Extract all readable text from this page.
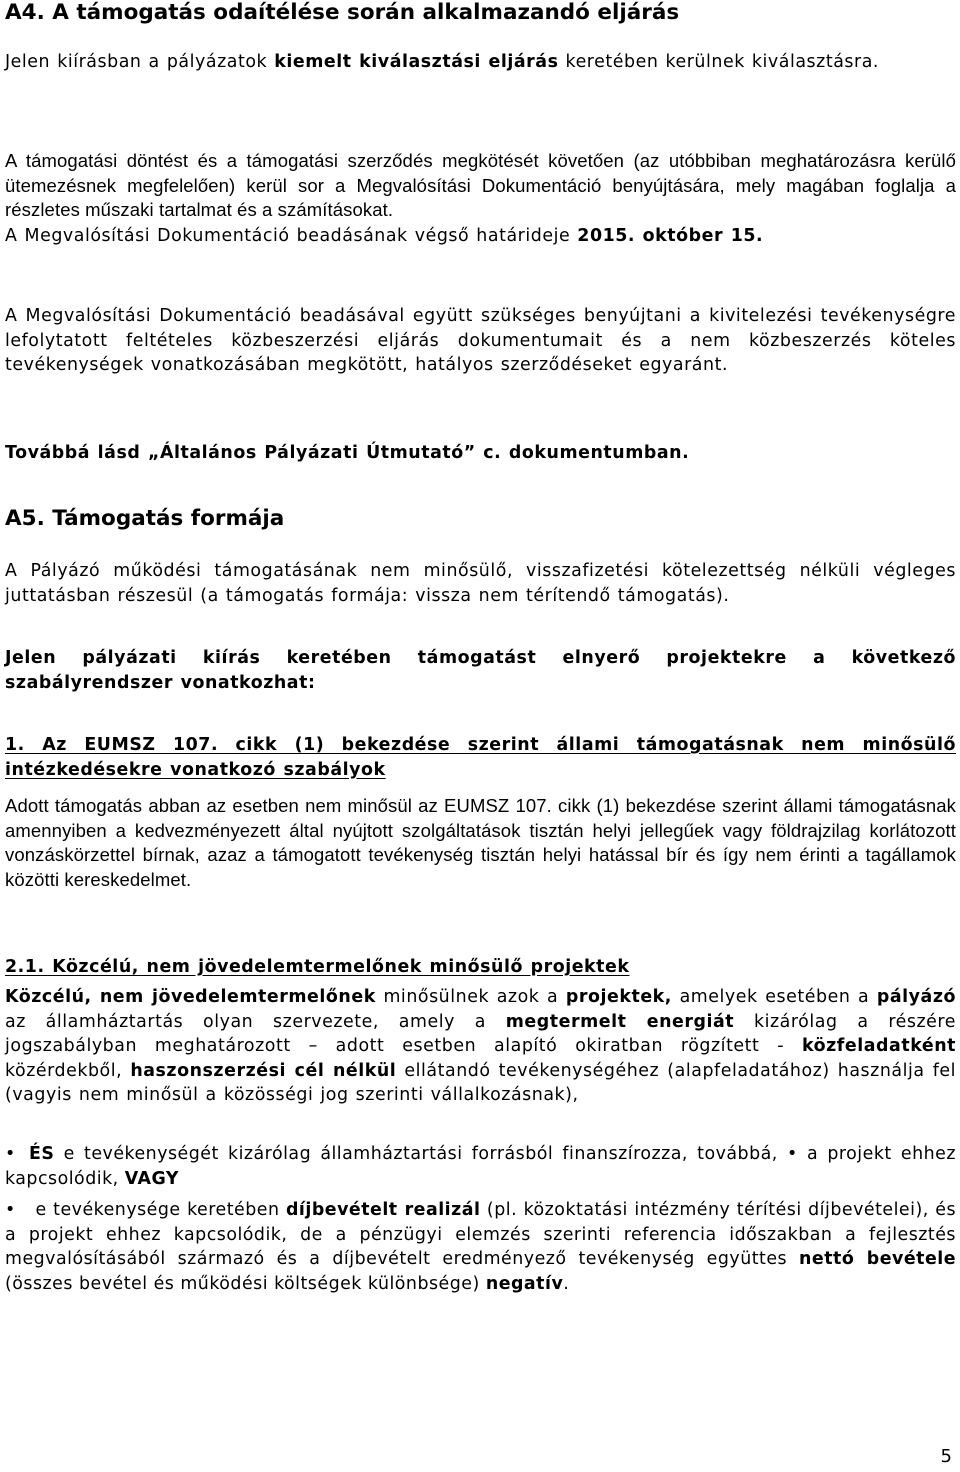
A4. A támogatás odaítélése során alkalmazandó eljárás

Jelen kiírásban a pályázatok kiemelt kiválasztási eljárás keretében kerülnek kiválasztásra.

A támogatási döntést és a támogatási szerződés megkötését követően (az utóbbiban meghatározásra kerülő ütemezésnek megfelelően) kerül sor a Megvalósítási Dokumentáció benyújtására, mely magában foglalja a részletes műszaki tartalmat és a számításokat.

A Megvalósítási Dokumentáció beadásának végső határideje 2015. október 15.

A Megvalósítási Dokumentáció beadásával együtt szükséges benyújtani a kivitelezési tevékenységre lefolytatott feltételes közbeszerzési eljárás dokumentumait és a nem közbeszerzés köteles tevékenységek vonatkozásában megkötött, hatályos szerződéseket egyaránt.

Továbbá lásd „Általános Pályázati Útmutató” c. dokumentumban.

A5. Támogatás formája

A Pályázó működési támogatásának nem minősülő, visszafizetési kötelezettség nélküli végleges juttatásban részesül (a támogatás formája: vissza nem térítendő támogatás).

Jelen pályázati kiírás keretében támogatást elnyerő projektekre a következő szabályrendszer vonatkozhat:

1. Az EUMSZ 107. cikk (1) bekezdése szerint állami támogatásnak nem minősülő intézkedésekre vonatkozó szabályok

Adott támogatás abban az esetben nem minősül az EUMSZ 107. cikk (1) bekezdése szerint állami támogatásnak amennyiben a kedvezményezett által nyújtott szolgáltatások tisztán helyi jellegűek vagy földrajzilag korlátozott vonzáskörzettel bírnak, azaz a támogatott tevékenység tisztán helyi hatással bír és így nem érinti a tagállamok közötti kereskedelmet.

2.1. Közcélú, nem jövedelemtermelőnek minősülő projektek

Közcélú, nem jövedelemtermelőnek minősülnek azok a projektek, amelyek esetében a pályázó az államháztartás olyan szervezete, amely a megtermelt energiát kizárólag a részére jogszabályban meghatározott – adott esetben alapító okiratban rögzített - közfeladatként közérdekből, haszonszerzési cél nélkül ellátandó tevékenységéhez (alapfeladatához) használja fel (vagyis nem minősül a közösségi jog szerinti vállalkozásnak),

• ÉS e tevékenységét kizárólag államháztartási forrásból finanszírozza, továbbá, • a projekt ehhez kapcsolódik, VAGY
• e tevékenysége keretében díjbevételt realizál (pl. közoktatási intézmény térítési díjbevételei), és a projekt ehhez kapcsolódik, de a pénzügyi elemzés szerinti referencia időszakban a fejlesztés megvalósításából származó és a díjbevételt eredményező tevékenység együttes nettó bevétele (összes bevétel és működési költségek különbsége) negatív.
5
